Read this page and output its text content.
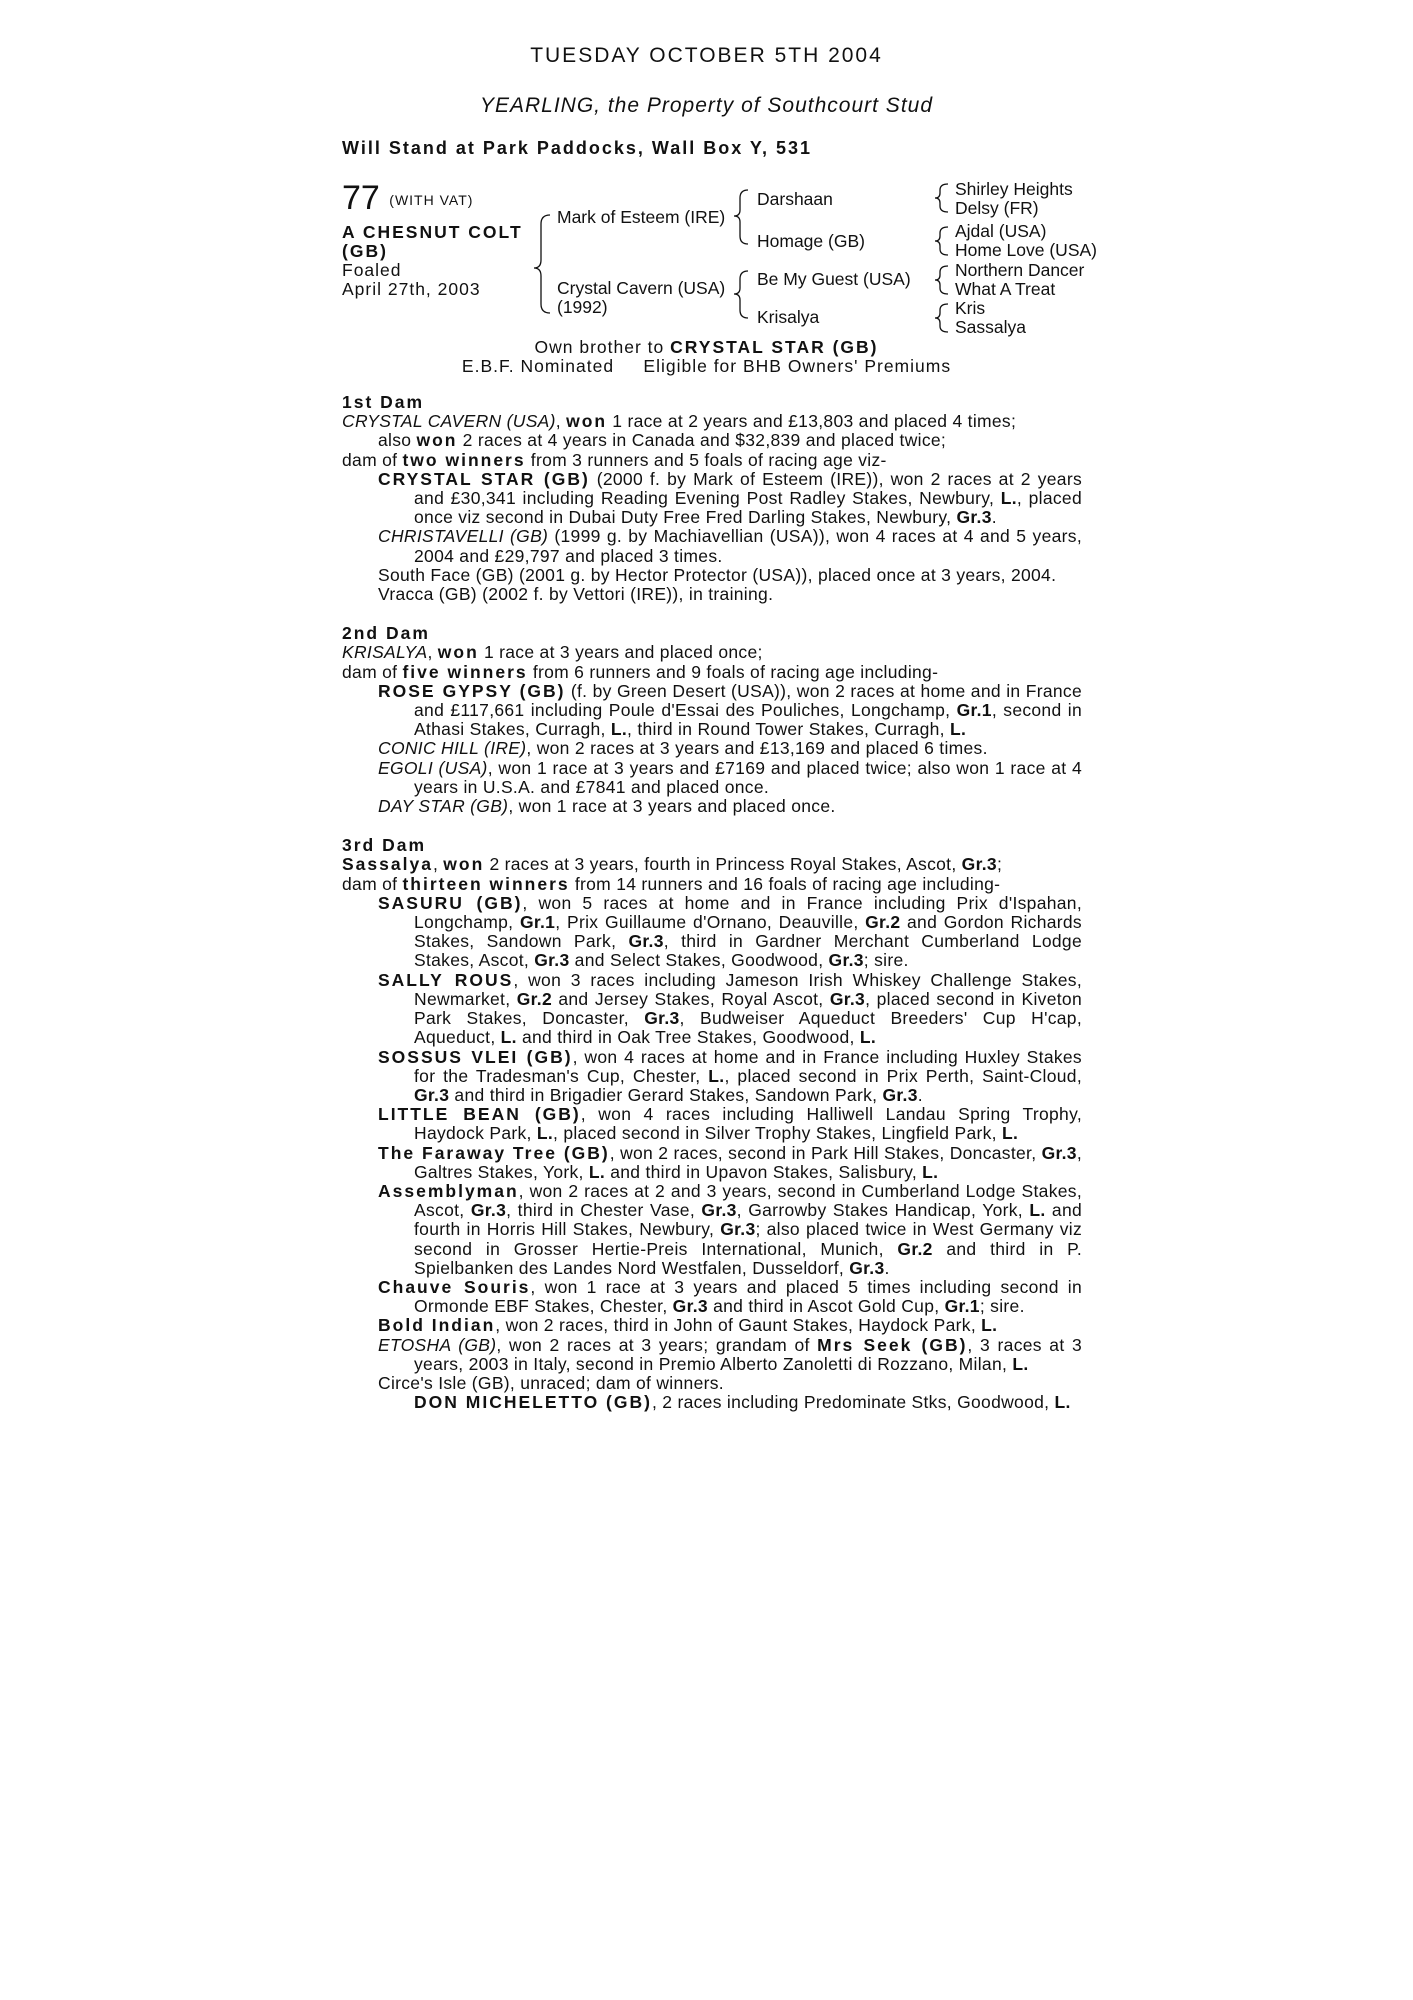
TUESDAY OCTOBER 5TH 2004
YEARLING, the Property of Southcourt Stud
Will Stand at Park Paddocks, Wall Box Y, 531
77 (WITH VAT)
A CHESNUT COLT (GB)
Foaled
April 27th, 2003
Mark of Esteem (IRE)
Crystal Cavern (USA)
(1992)
Darshaan
Homage (GB)
Be My Guest (USA)
Krisalya
Shirley Heights
Delsy (FR)
Ajdal (USA)
Home Love (USA)
Northern Dancer
What A Treat
Kris
Sassalya
Own brother to CRYSTAL STAR (GB)
E.B.F. Nominated Eligible for BHB Owners' Premiums

1st Dam

CRYSTAL CAVERN (USA), won 1 race at 2 years and £13,803 and placed 4 times;

also won 2 races at 4 years in Canada and $32,839 and placed twice;

dam of two winners from 3 runners and 5 foals of racing age viz-

CRYSTAL STAR (GB) (2000 f. by Mark of Esteem (IRE)), won 2 races at 2 years and £30,341 including Reading Evening Post Radley Stakes, Newbury, L., placed once viz second in Dubai Duty Free Fred Darling Stakes, Newbury, Gr.3.

CHRISTAVELLI (GB) (1999 g. by Machiavellian (USA)), won 4 races at 4 and 5 years, 2004 and £29,797 and placed 3 times.

South Face (GB) (2001 g. by Hector Protector (USA)), placed once at 3 years, 2004.

Vracca (GB) (2002 f. by Vettori (IRE)), in training.

2nd Dam

KRISALYA, won 1 race at 3 years and placed once;

dam of five winners from 6 runners and 9 foals of racing age including-

ROSE GYPSY (GB) (f. by Green Desert (USA)), won 2 races at home and in France and £117,661 including Poule d'Essai des Pouliches, Longchamp, Gr.1, second in Athasi Stakes, Curragh, L., third in Round Tower Stakes, Curragh, L.

CONIC HILL (IRE), won 2 races at 3 years and £13,169 and placed 6 times.

EGOLI (USA), won 1 race at 3 years and £7169 and placed twice; also won 1 race at 4 years in U.S.A. and £7841 and placed once.

DAY STAR (GB), won 1 race at 3 years and placed once.

3rd Dam

Sassalya, won 2 races at 3 years, fourth in Princess Royal Stakes, Ascot, Gr.3;

dam of thirteen winners from 14 runners and 16 foals of racing age including-

SASURU (GB), won 5 races at home and in France including Prix d'Ispahan, Longchamp, Gr.1, Prix Guillaume d'Ornano, Deauville, Gr.2 and Gordon Richards Stakes, Sandown Park, Gr.3, third in Gardner Merchant Cumberland Lodge Stakes, Ascot, Gr.3 and Select Stakes, Goodwood, Gr.3; sire.

SALLY ROUS, won 3 races including Jameson Irish Whiskey Challenge Stakes, Newmarket, Gr.2 and Jersey Stakes, Royal Ascot, Gr.3, placed second in Kiveton Park Stakes, Doncaster, Gr.3, Budweiser Aqueduct Breeders' Cup H'cap, Aqueduct, L. and third in Oak Tree Stakes, Goodwood, L.

SOSSUS VLEI (GB), won 4 races at home and in France including Huxley Stakes for the Tradesman's Cup, Chester, L., placed second in Prix Perth, Saint-Cloud, Gr.3 and third in Brigadier Gerard Stakes, Sandown Park, Gr.3.

LITTLE BEAN (GB), won 4 races including Halliwell Landau Spring Trophy, Haydock Park, L., placed second in Silver Trophy Stakes, Lingfield Park, L.

The Faraway Tree (GB), won 2 races, second in Park Hill Stakes, Doncaster, Gr.3, Galtres Stakes, York, L. and third in Upavon Stakes, Salisbury, L.

Assemblyman, won 2 races at 2 and 3 years, second in Cumberland Lodge Stakes, Ascot, Gr.3, third in Chester Vase, Gr.3, Garrowby Stakes Handicap, York, L. and fourth in Horris Hill Stakes, Newbury, Gr.3; also placed twice in West Germany viz second in Grosser Hertie-Preis International, Munich, Gr.2 and third in P. Spielbanken des Landes Nord Westfalen, Dusseldorf, Gr.3.

Chauve Souris, won 1 race at 3 years and placed 5 times including second in Ormonde EBF Stakes, Chester, Gr.3 and third in Ascot Gold Cup, Gr.1; sire.

Bold Indian, won 2 races, third in John of Gaunt Stakes, Haydock Park, L.

ETOSHA (GB), won 2 races at 3 years; grandam of Mrs Seek (GB), 3 races at 3 years, 2003 in Italy, second in Premio Alberto Zanoletti di Rozzano, Milan, L.

Circe's Isle (GB), unraced; dam of winners.

DON MICHELETTO (GB), 2 races including Predominate Stks, Goodwood, L.
